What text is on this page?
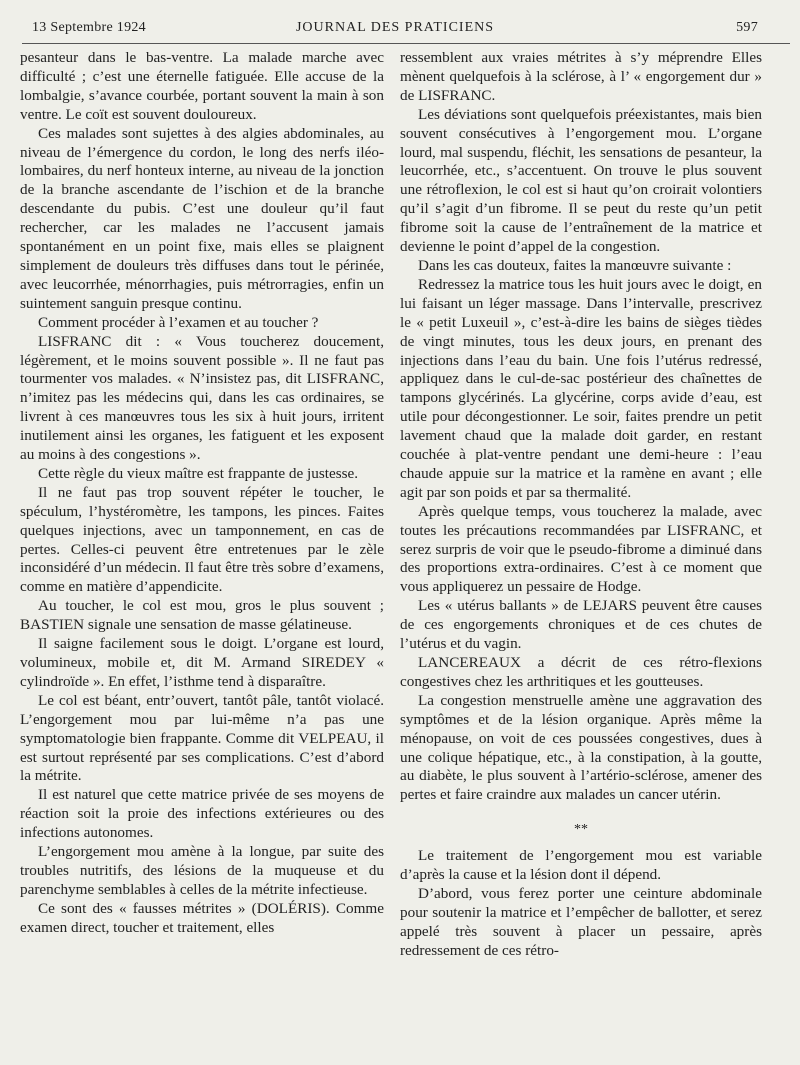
13 Septembre 1924	JOURNAL DES PRATICIENS	597

pesanteur dans le bas-ventre. La malade marche avec difficulté ; c’est une éternelle fatiguée. Elle accuse de la lombalgie, s’avance courbée, portant souvent la main à son ventre. Le coït est souvent douloureux.

Ces malades sont sujettes à des algies abdominales, au niveau de l’émergence du cordon, le long des nerfs iléo-lombaires, du nerf honteux interne, au niveau de la jonction de la branche ascendante de l’ischion et de la branche descendante du pubis. C’est une douleur qu’il faut rechercher, car les malades ne l’accusent jamais spontanément en un point fixe, mais elles se plaignent simplement de douleurs très diffuses dans tout le périnée, avec leucorrhée, ménorrhagies, puis métrorragies, enfin un suintement sanguin presque continu.

Comment procéder à l’examen et au toucher ?

LISFRANC dit : « Vous toucherez doucement, légèrement, et le moins souvent possible ». Il ne faut pas tourmenter vos malades. « N’insistez pas, dit LISFRANC, n’imitez pas les médecins qui, dans les cas ordinaires, se livrent à ces manœuvres tous les six à huit jours, irritent inutilement ainsi les organes, les fatiguent et les exposent au moins à des congestions ».

Cette règle du vieux maître est frappante de justesse.

Il ne faut pas trop souvent répéter le toucher, le spéculum, l’hystéromètre, les tampons, les pinces. Faites quelques injections, avec un tamponnement, en cas de pertes. Celles-ci peuvent être entretenues par le zèle inconsidéré d’un médecin. Il faut être très sobre d’examens, comme en matière d’appendicite.

Au toucher, le col est mou, gros le plus souvent ; BASTIEN signale une sensation de masse gélatineuse.

Il saigne facilement sous le doigt. L’organe est lourd, volumineux, mobile et, dit M. Armand SIREDEY « cylindroïde ». En effet, l’isthme tend à disparaître.

Le col est béant, entr’ouvert, tantôt pâle, tantôt violacé. L’engorgement mou par lui-même n’a pas une symptomatologie bien frappante. Comme dit VELPEAU, il est surtout représenté par ses complications. C’est d’abord la métrite.

Il est naturel que cette matrice privée de ses moyens de réaction soit la proie des infections extérieures ou des infections autonomes.

L’engorgement mou amène à la longue, par suite des troubles nutritifs, des lésions de la muqueuse et du parenchyme semblables à celles de la métrite infectieuse.

Ce sont des « fausses métrites » (DOLÉRIS). Comme examen direct, toucher et traitement, elles

ressemblent aux vraies métrites à s’y méprendre Elles mènent quelquefois à la sclérose, à l’ « engorgement dur » de LISFRANC.

Les déviations sont quelquefois préexistantes, mais bien souvent consécutives à l’engorgement mou. L’organe lourd, mal suspendu, fléchit, les sensations de pesanteur, la leucorrhée, etc., s’accentuent. On trouve le plus souvent une rétroflexion, le col est si haut qu’on croirait volontiers qu’il s’agit d’un fibrome. Il se peut du reste qu’un petit fibrome soit la cause de l’entraînement de la matrice et devienne le point d’appel de la congestion.

Dans les cas douteux, faites la manœuvre suivante :

Redressez la matrice tous les huit jours avec le doigt, en lui faisant un léger massage. Dans l’intervalle, prescrivez le « petit Luxeuil », c’est-à-dire les bains de sièges tièdes de vingt minutes, tous les deux jours, en prenant des injections dans l’eau du bain. Une fois l’utérus redressé, appliquez dans le cul-de-sac postérieur des chaînettes de tampons glycérinés. La glycérine, corps avide d’eau, est utile pour décongestionner. Le soir, faites prendre un petit lavement chaud que la malade doit garder, en restant couchée à plat-ventre pendant une demi-heure : l’eau chaude appuie sur la matrice et la ramène en avant ; elle agit par son poids et par sa thermalité.

Après quelque temps, vous toucherez la malade, avec toutes les précautions recommandées par LISFRANC, et serez surpris de voir que le pseudo-fibrome a diminué dans des proportions extra-ordinaires. C’est à ce moment que vous appliquerez un pessaire de Hodge.

Les « utérus ballants » de LEJARS peuvent être causes de ces engorgements chroniques et de ces chutes de l’utérus et du vagin.

LANCEREAUX a décrit de ces rétro-flexions congestives chez les arthritiques et les goutteuses.

La congestion menstruelle amène une aggravation des symptômes et de la lésion organique. Après même la ménopause, on voit de ces poussées congestives, dues à une colique hépatique, etc., à la constipation, à la goutte, au diabète, le plus souvent à l’artério-sclérose, amener des pertes et faire craindre aux malades un cancer utérin.

**

Le traitement de l’engorgement mou est variable d’après la cause et la lésion dont il dépend.

D’abord, vous ferez porter une ceinture abdominale pour soutenir la matrice et l’empêcher de ballotter, et serez appelé très souvent à placer un pessaire, après redressement de ces rétro-
